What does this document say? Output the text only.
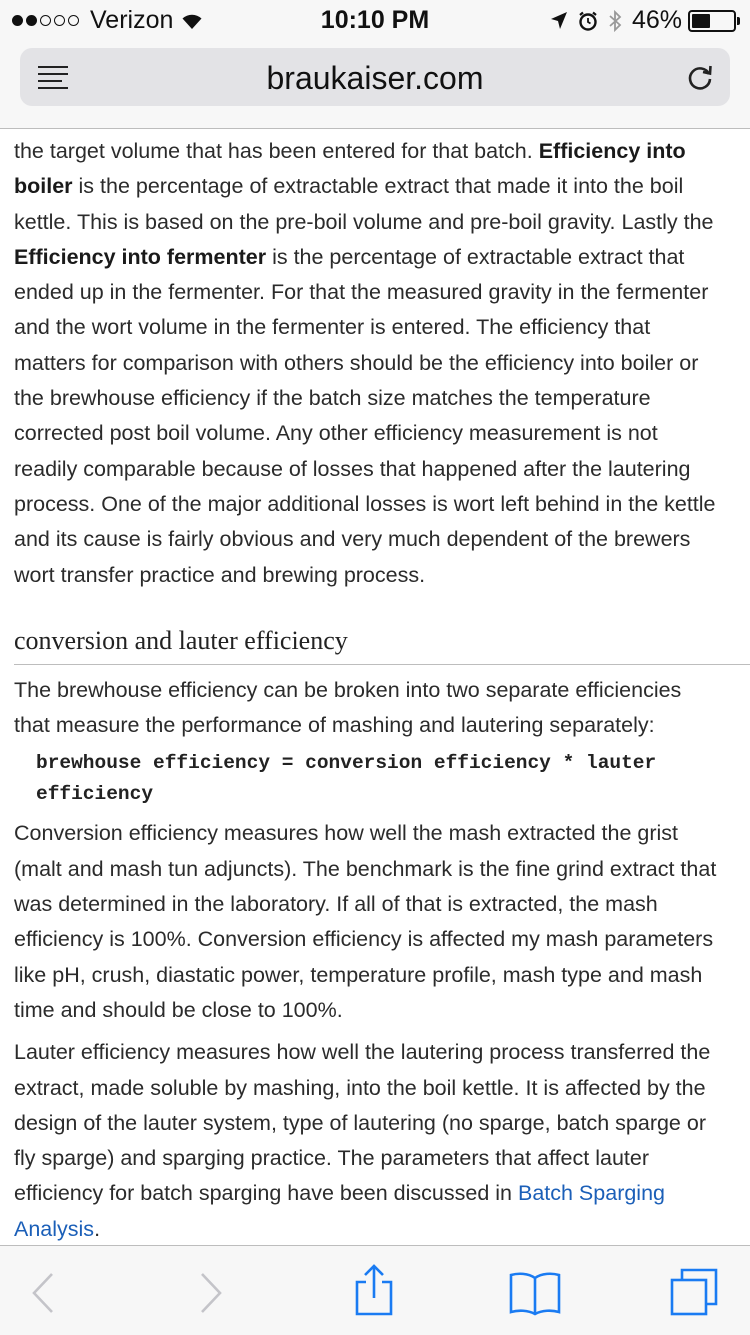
Verizon	10:10 PM	46%
braukaiser.com

the target volume that has been entered for that batch. Efficiency into

boiler is the percentage of extractable extract that made it into the boil

kettle. This is based on the pre-boil volume and pre-boil gravity. Lastly the

Efficiency into fermenter is the percentage of extractable extract that

ended up in the fermenter. For that the measured gravity in the fermenter

and the wort volume in the fermenter is entered. The efficiency that

matters for comparison with others should be the efficiency into boiler or

the brewhouse efficiency if the batch size matches the temperature

corrected post boil volume. Any other efficiency measurement is not

readily comparable because of losses that happened after the lautering

process. One of the major additional losses is wort left behind in the kettle

and its cause is fairly obvious and very much dependent of the brewers

wort transfer practice and brewing process.

conversion and lauter efficiency

The brewhouse efficiency can be broken into two separate efficiencies

that measure the performance of mashing and lautering separately:

brewhouse efficiency = conversion efficiency * lauter
efficiency

Conversion efficiency measures how well the mash extracted the grist

(malt and mash tun adjuncts). The benchmark is the fine grind extract that

was determined in the laboratory. If all of that is extracted, the mash

efficiency is 100%. Conversion efficiency is affected my mash parameters

like pH, crush, diastatic power, temperature profile, mash type and mash

time and should be close to 100%.

Lauter efficiency measures how well the lautering process transferred the

extract, made soluble by mashing, into the boil kettle. It is affected by the

design of the lauter system, type of lautering (no sparge, batch sparge or

fly sparge) and sparging practice. The parameters that affect lauter

efficiency for batch sparging have been discussed in Batch Sparging

Analysis.
